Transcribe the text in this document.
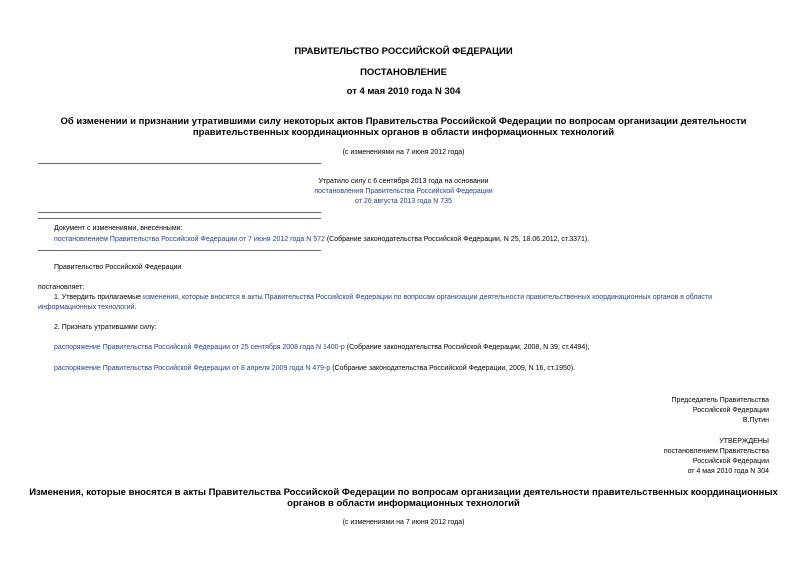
ПРАВИТЕЛЬСТВО РОССИЙСКОЙ ФЕДЕРАЦИИ
ПОСТАНОВЛЕНИЕ
от 4 мая 2010 года N 304
Об изменении и признании утратившими силу некоторых актов Правительства Российской Федерации по вопросам организации деятельности
правительственных координационных органов в области информационных технологий
(с изменениями на 7 июня 2012 года)
Утратило силу с 6 сентября 2013 года на основании
постановления Правительства Российской Федерации
от 26 августа 2013 года N 735
Документ с изменениями, внесенными:
постановлением Правительства Российской Федерации от 7 июня 2012 года N 572 (Собрание законодательства Российской Федерации, N 25, 18.06.2012, ст.3371).
Правительство Российской Федерации
постановляет:
1. Утвердить прилагаемые изменения, которые вносятся в акты Правительства Российской Федерации по вопросам организации деятельности правительственных координационных органов в области
информационных технологий.
2. Признать утратившими силу:
распоряжение Правительства Российской Федерации от 25 сентября 2008 года N 1400-р (Собрание законодательства Российской Федерации, 2008, N 39, ст.4494);
распоряжение Правительства Российской Федерации от 8 апреля 2009 года N 479-р (Собрание законодательства Российской Федерации, 2009, N 16, ст.1950).
Председатель Правительства
Российской Федерации
В.Путин
УТВЕРЖДЕНЫ
постановлением Правительства
Российской Федерации
от 4 мая 2010 года N 304
Изменения, которые вносятся в акты Правительства Российской Федерации по вопросам организации деятельности правительственных координационных
органов в области информационных технологий
(с изменениями на 7 июня 2012 года)
